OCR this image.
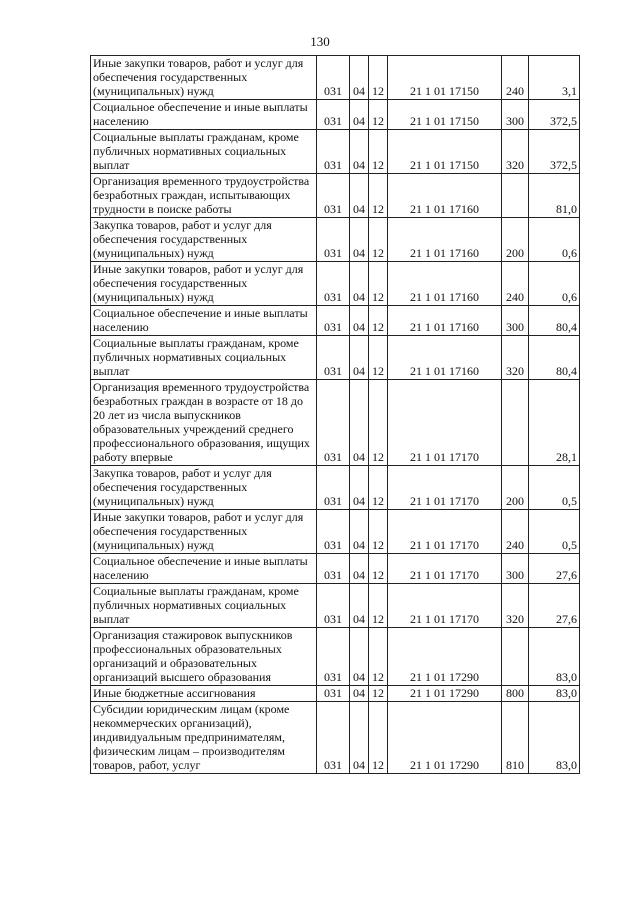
130
Иные закупки товаров, работ и услуг для обеспечения государственных (муниципальных) нужд	031	04	12	21 1 01 17150	240	3,1
Социальное обеспечение и иные выплаты населению	031	04	12	21 1 01 17150	300	372,5
Социальные выплаты гражданам, кроме публичных нормативных социальных выплат	031	04	12	21 1 01 17150	320	372,5
Организация временного трудоустройства безработных граждан, испытывающих трудности в поиске работы	031	04	12	21 1 01 17160		81,0
Закупка товаров, работ и услуг для обеспечения государственных (муниципальных) нужд	031	04	12	21 1 01 17160	200	0,6
Иные закупки товаров, работ и услуг для обеспечения государственных (муниципальных) нужд	031	04	12	21 1 01 17160	240	0,6
Социальное обеспечение и иные выплаты населению	031	04	12	21 1 01 17160	300	80,4
Социальные выплаты гражданам, кроме публичных нормативных социальных выплат	031	04	12	21 1 01 17160	320	80,4
Организация временного трудоустройства безработных граждан в возрасте от 18 до 20 лет из числа выпускников образовательных учреждений среднего профессионального образования, ищущих работу впервые	031	04	12	21 1 01 17170		28,1
Закупка товаров, работ и услуг для обеспечения государственных (муниципальных) нужд	031	04	12	21 1 01 17170	200	0,5
Иные закупки товаров, работ и услуг для обеспечения государственных (муниципальных) нужд	031	04	12	21 1 01 17170	240	0,5
Социальное обеспечение и иные выплаты населению	031	04	12	21 1 01 17170	300	27,6
Социальные выплаты гражданам, кроме публичных нормативных социальных выплат	031	04	12	21 1 01 17170	320	27,6
Организация стажировок выпускников профессиональных образовательных организаций и образовательных организаций высшего образования	031	04	12	21 1 01 17290		83,0
Иные бюджетные ассигнования	031	04	12	21 1 01 17290	800	83,0
Субсидии юридическим лицам (кроме некоммерческих организаций), индивидуальным предпринимателям, физическим лицам – производителям товаров, работ, услуг	031	04	12	21 1 01 17290	810	83,0
